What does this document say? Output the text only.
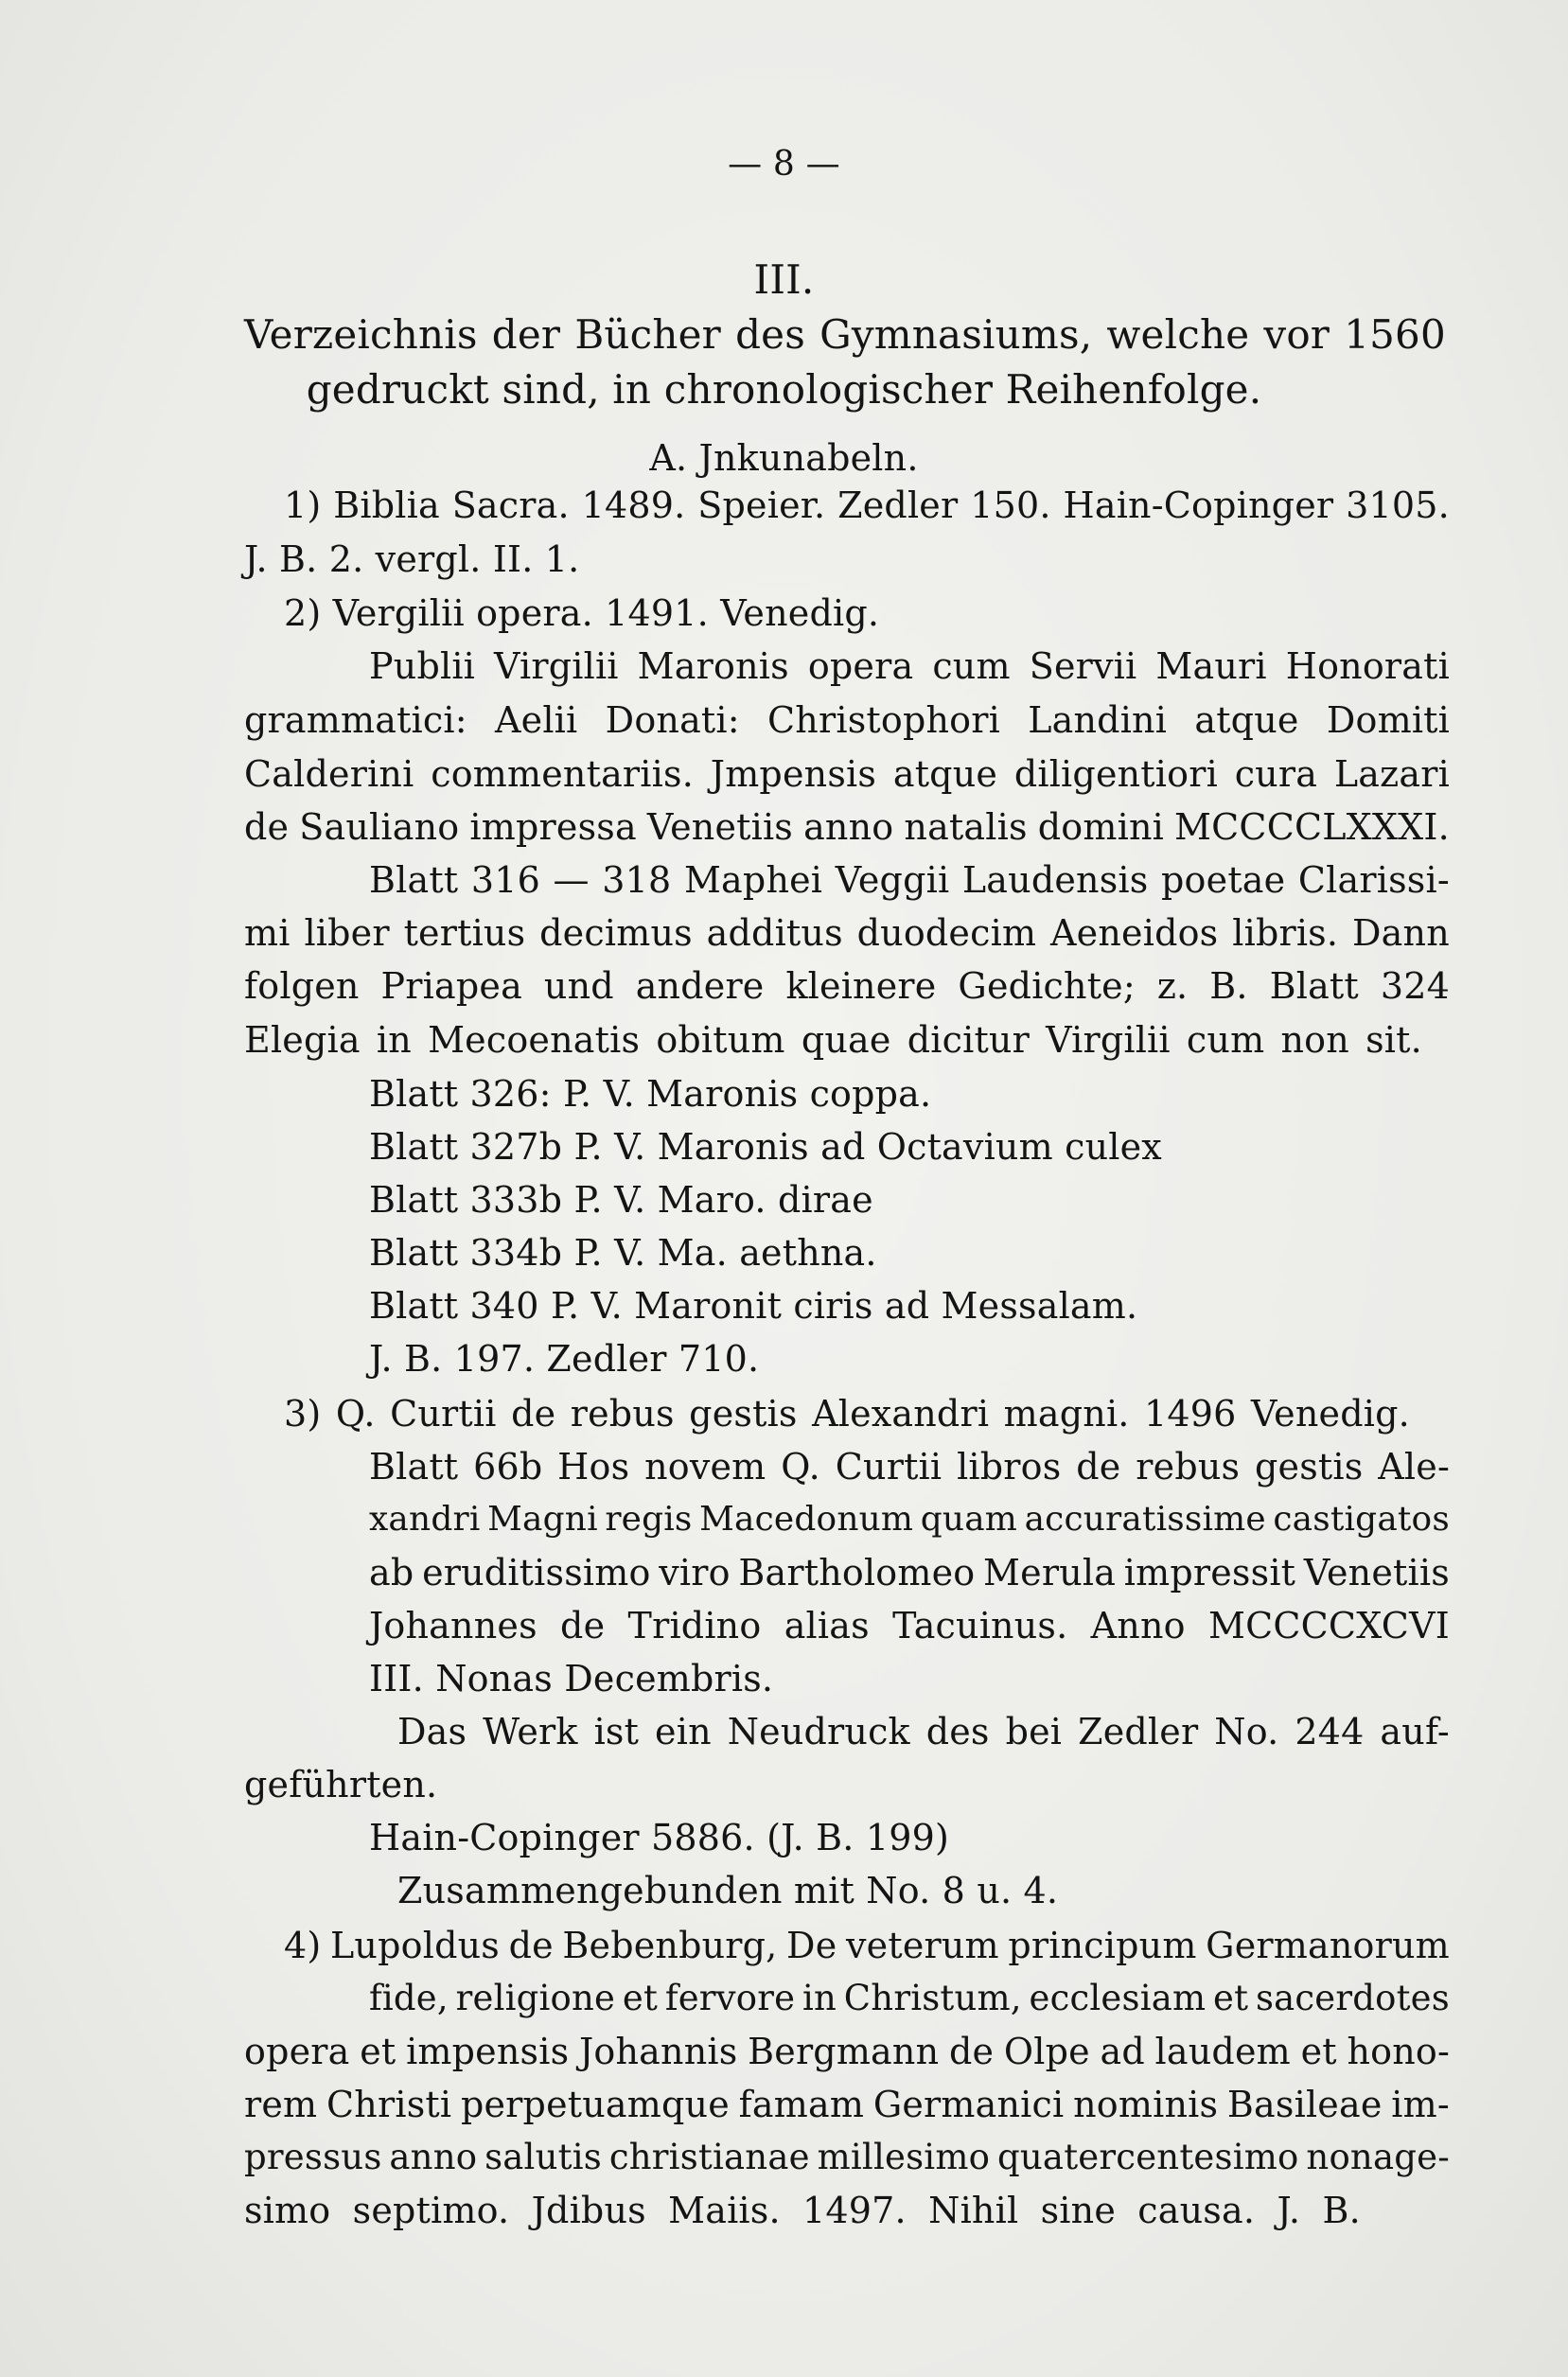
— 8 —
III.
Verzeichnis der Bücher des Gymnasiums, welche vor 1560
gedruckt sind, in chronologischer Reihenfolge.
A. Jnkunabeln.
1) Biblia Sacra. 1489. Speier. Zedler 150. Hain-Copinger 3105.
J. B. 2. vergl. II. 1.
2) Vergilii opera. 1491. Venedig.
Publii Virgilii Maronis opera cum Servii Mauri Honorati
grammatici: Aelii Donati: Christophori Landini atque Domiti
Calderini commentariis. Jmpensis atque diligentiori cura Lazari
de Sauliano impressa Venetiis anno natalis domini MCCCCLXXXI.
Blatt 316 — 318 Maphei Veggii Laudensis poetae Clarissi-
mi liber tertius decimus additus duodecim Aeneidos libris. Dann
folgen Priapea und andere kleinere Gedichte; z. B. Blatt 324
Elegia in Mecoenatis obitum quae dicitur Virgilii cum non sit.
Blatt 326: P. V. Maronis coppa.
Blatt 327b P. V. Maronis ad Octavium culex
Blatt 333b P. V. Maro. dirae
Blatt 334b P. V. Ma. aethna.
Blatt 340 P. V. Maronit ciris ad Messalam.
J. B. 197. Zedler 710.
3) Q. Curtii de rebus gestis Alexandri magni. 1496 Venedig.
Blatt 66b Hos novem Q. Curtii libros de rebus gestis Ale-
xandri Magni regis Macedonum quam accuratissime castigatos
ab eruditissimo viro Bartholomeo Merula impressit Venetiis
Johannes de Tridino alias Tacuinus. Anno MCCCCXCVI
III. Nonas Decembris.
Das Werk ist ein Neudruck des bei Zedler No. 244 auf-
geführten.
Hain-Copinger 5886. (J. B. 199)
Zusammengebunden mit No. 8 u. 4.
4) Lupoldus de Bebenburg, De veterum principum Germanorum
fide, religione et fervore in Christum, ecclesiam et sacerdotes
opera et impensis Johannis Bergmann de Olpe ad laudem et hono-
rem Christi perpetuamque famam Germanici nominis Basileae im-
pressus anno salutis christianae millesimo quatercentesimo nonage-
simo septimo. Jdibus Maiis. 1497. Nihil sine causa. J. B.
